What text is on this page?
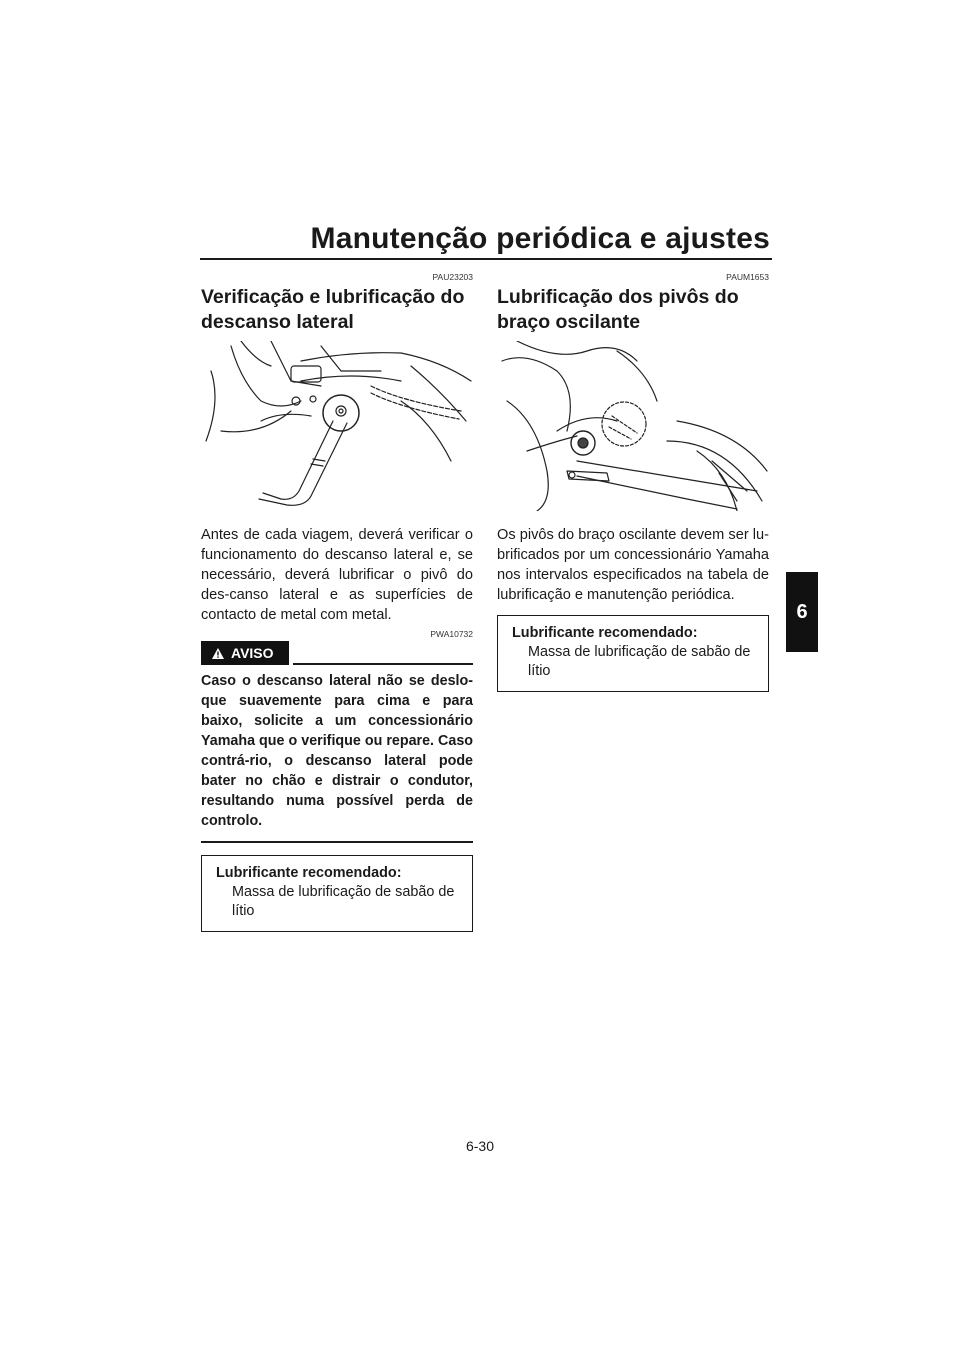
Manutenção periódica e ajustes
6
PAU23203
Verificação e lubrificação do descanso lateral

Antes de cada viagem, deverá verificar o funcionamento do descanso lateral e, se necessário, deverá lubrificar o pivô do des-canso lateral e as superfícies de contacto de metal com metal.

PWA10732
AVISO

Caso o descanso lateral não se deslo-que suavemente para cima e para baixo, solicite a um concessionário Yamaha que o verifique ou repare. Caso contrá-rio, o descanso lateral pode bater no chão e distrair o condutor, resultando numa possível perda de controlo.

Lubrificante recomendado:
Massa de lubrificação de sabão de lítio
PAUM1653
Lubrificação dos pivôs do braço oscilante

Os pivôs do braço oscilante devem ser lu-brificados por um concessionário Yamaha nos intervalos especificados na tabela de lubrificação e manutenção periódica.

Lubrificante recomendado:
Massa de lubrificação de sabão de lítio
6-30
